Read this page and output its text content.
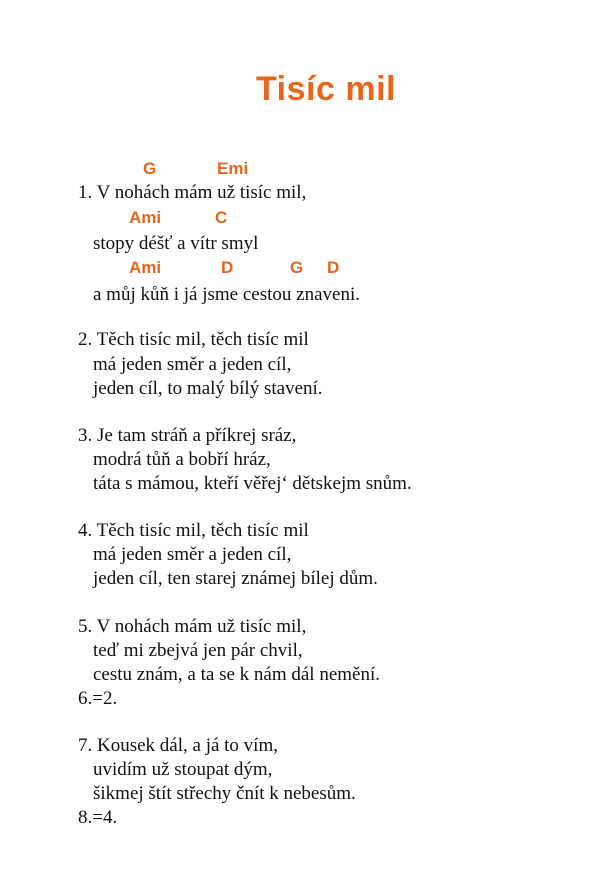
Tisíc mil
G	Emi
Ami	C
Ami	D	G D
1. V nohách mám už tisíc mil,
stopy déšť a vítr smyl
a můj kůň i já jsme cestou znaveni.
2. Těch tisíc mil, těch tisíc mil
má jeden směr a jeden cíl,
jeden cíl, to malý bílý stavení.
3. Je tam stráň a příkrej sráz,
modrá tůň a bobří hráz,
táta s mámou, kteří věřej‘ dětskejm snům.
4. Těch tisíc mil, těch tisíc mil
má jeden směr a jeden cíl,
jeden cíl, ten starej známej bílej dům.
5. V nohách mám už tisíc mil,
teď mi zbejvá jen pár chvil,
cestu znám, a ta se k nám dál nemění.
6.=2.
7. Kousek dál, a já to vím,
uvidím už stoupat dým,
šikmej štít střechy čnít k nebesům.
8.=4.
